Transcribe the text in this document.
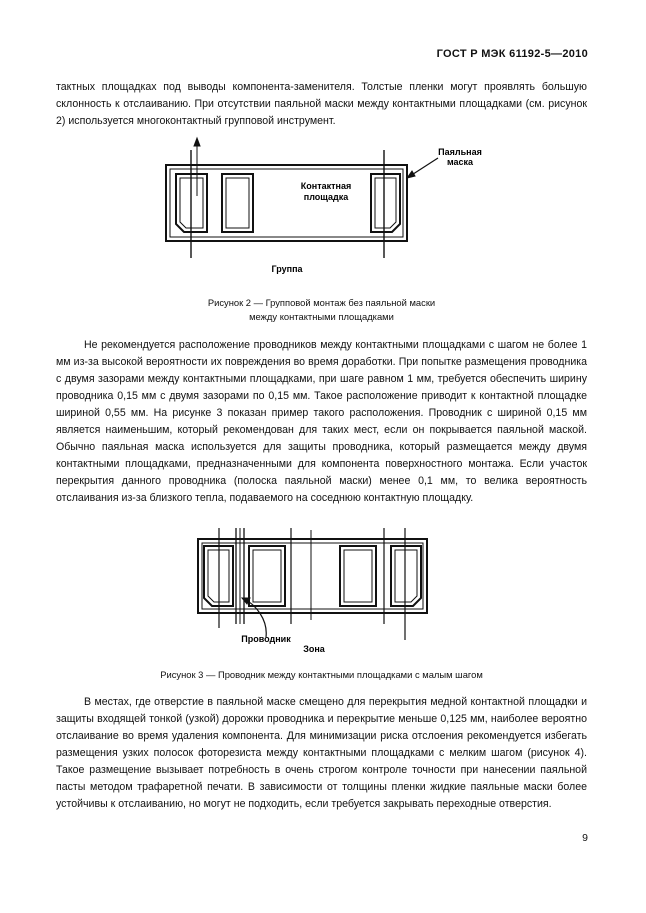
ГОСТ Р МЭК 61192-5—2010

тактных площадках под выводы компонента-заменителя. Толстые пленки могут проявлять большую склонность к отслаиванию. При отсутствии паяльной маски между контактными площадками (см. рисунок 2) используется многоконтактный групповой инструмент.

Паяльная
маска
Контактная
площадка
Группа
Проводник
Зона
Рисунок 2 — Групповой монтаж без паяльной маски
между контактными площадками

Не рекомендуется расположение проводников между контактными площадками с шагом не более 1 мм из-за высокой вероятности их повреждения во время доработки. При попытке размещения проводника с двумя зазорами между контактными площадками, при шаге равном 1 мм, требуется обеспечить ширину проводника 0,15 мм с двумя зазорами по 0,15 мм. Такое расположение приводит к контактной площадке шириной 0,55 мм. На рисунке 3 показан пример такого расположения. Проводник с шириной 0,15 мм является наименьшим, который рекомендован для таких мест, если он покрывается паяльной маской. Обычно паяльная маска используется для защиты проводника, который размещается между двумя контактными площадками, предназначенными для компонента поверхностного монтажа. Если участок перекрытия данного проводника (полоска паяльной маски) менее 0,1 мм, то велика вероятность отслаивания из-за близкого тепла, подаваемого на соседнюю контактную площадку.

Рисунок 3 — Проводник между контактными площадками с малым шагом

В местах, где отверстие в паяльной маске смещено для перекрытия медной контактной площадки и защиты входящей тонкой (узкой) дорожки проводника и перекрытие меньше 0,125 мм, наиболее вероятно отслаивание во время удаления компонента. Для минимизации риска отслоения рекомендуется избегать размещения узких полосок фоторезиста между контактными площадками с мелким шагом (рисунок 4). Такое размещение вызывает потребность в очень строгом контроле точности при нанесении паяльной пасты методом трафаретной печати. В зависимости от толщины пленки жидкие паяльные маски более устойчивы к отслаиванию, но могут не подходить, если требуется закрывать переходные отверстия.

9
